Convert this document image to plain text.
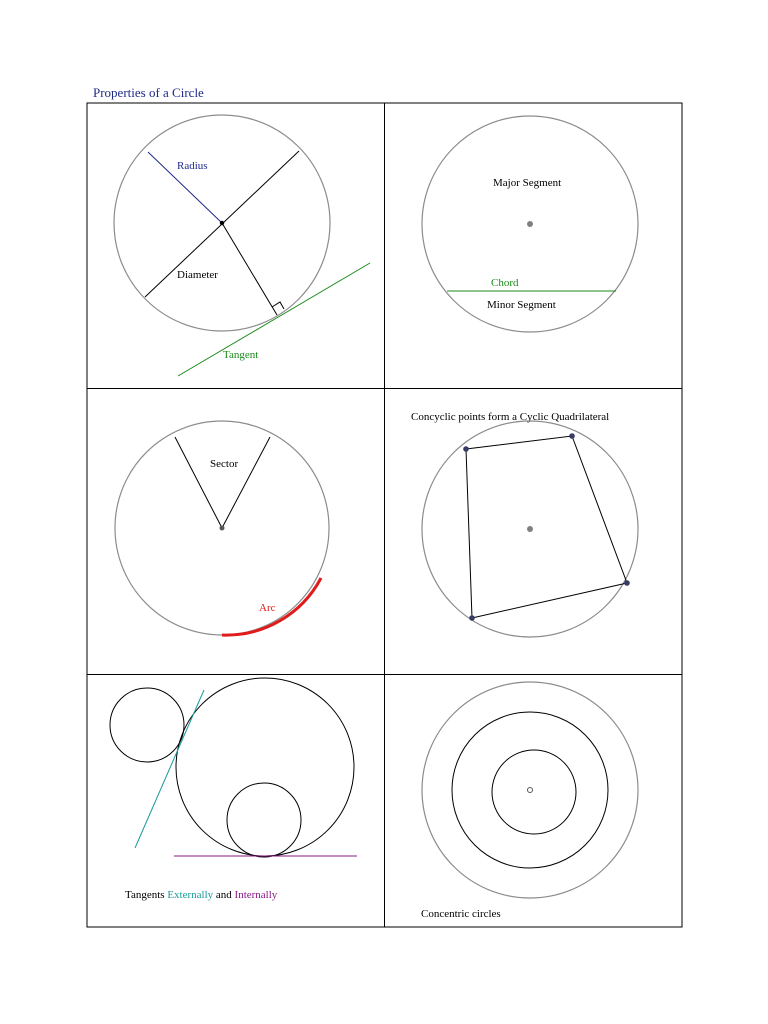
Properties of a Circle
Radius
Diameter
Tangent
Major Segment
Chord
Minor Segment
Sector
Arc
Concyclic points form a Cyclic Quadrilateral
Tangents Externally and Internally
Concentric circles
